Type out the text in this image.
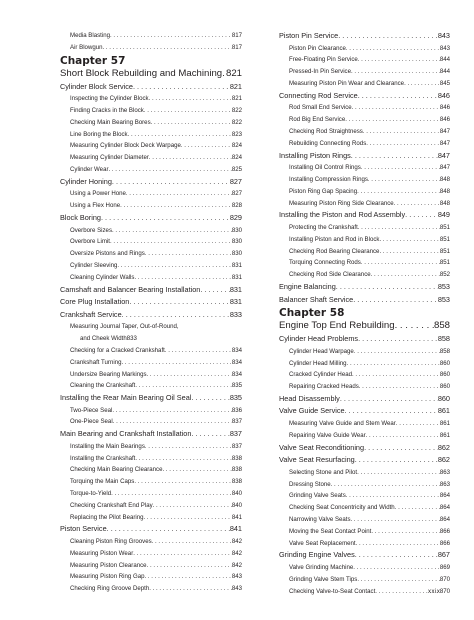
Media Blasting . . .	817
Air Blowgun . . .	817
Chapter 57
Short Block Rebuilding and Machining . . . 821
Cylinder Block Service . . .	821
Inspecting the Cylinder Block . . .	821
Finding Cracks in the Block . . .	822
Checking Main Bearing Bores . . .	822
Line Boring the Block . . .	823
Measuring Cylinder Block Deck Warpage . . .	824
Measuring Cylinder Diameter . . .	824
Cylinder Wear . . .	825
Cylinder Honing . . .	827
Using a Power Hone . . .	827
Using a Flex Hone . . .	828
Block Boring . . .	829
Overbore Sizes . . .	830
Overbore Limit . . .	830
Oversize Pistons and Rings . . .	830
Cylinder Sleeving . . .	831
Cleaning Cylinder Walls . . .	831
Camshaft and Balancer Bearing Installation . . .	831
Core Plug Installation . . .	831
Crankshaft Service . . .	833
Measuring Journal Taper, Out-of-Round,
and Cheek Width 833
Checking for a Cracked Crankshaft . . .	834
Crankshaft Turning . . .	834
Undersize Bearing Markings . . .	834
Cleaning the Crankshaft . . .	835
Installing the Rear Main Bearing Oil Seal . . .	835
Two-Piece Seal . . .	836
One-Piece Seal . . .	837
Main Bearing and Crankshaft Installation . . .	837
Installing the Main Bearings . . .	837
Installing the Crankshaft . . .	838
Checking Main Bearing Clearance . . .	838
Torquing the Main Caps . . .	838
Torque-to-Yield . . .	840
Checking Crankshaft End Play . . .	840
Replacing the Pilot Bearing . . .	841
Piston Service . . .	841
Cleaning Piston Ring Grooves . . .	842
Measuring Piston Wear . . .	842
Measuring Piston Clearance . . .	842
Measuring Piston Ring Gap . . .	843
Checking Ring Groove Depth . . .	843
Piston Pin Service . . .	843
Piston Pin Clearance . . .	843
Free-Floating Pin Service . . .	844
Pressed-In Pin Service . . .	844
Measuring Piston Pin Wear and Clearance . . .	845
Connecting Rod Service . . .	846
Rod Small End Service . . .	846
Rod Big End Service . . .	846
Checking Rod Straightness . . .	847
Rebuilding Connecting Rods . . .	847
Installing Piston Rings . . .	847
Installing Oil Control Rings . . .	847
Installing Compression Rings . . .	848
Piston Ring Gap Spacing . . .	848
Measuring Piston Ring Side Clearance . . .	848
Installing the Piston and Rod Assembly . . .	849
Protecting the Crankshaft . . .	851
Installing Piston and Rod in Block . . .	851
Checking Rod Bearing Clearance . . .	851
Torquing Connecting Rods . . .	851
Checking Rod Side Clearance . . .	852
Engine Balancing . . .	853
Balancer Shaft Service . . .	853
Chapter 58
Engine Top End Rebuilding . . .	858
Cylinder Head Problems . . .	858
Cylinder Head Warpage . . .	858
Cylinder Head Milling . . .	860
Cracked Cylinder Head . . .	860
Repairing Cracked Heads . . .	860
Head Disassembly . . .	860
Valve Guide Service . . .	861
Measuring Valve Guide and Stem Wear . . .	861
Repairing Valve Guide Wear . . .	861
Valve Seat Reconditioning . . .	862
Valve Seat Resurfacing . . .	862
Selecting Stone and Pilot . . .	863
Dressing Stone . . .	863
Grinding Valve Seats . . .	864
Checking Seat Concentricity and Width . . .	864
Narrowing Valve Seats . . .	864
Moving the Seat Contact Point . . .	866
Valve Seat Replacement . . .	866
Grinding Engine Valves . . .	867
Valve Grinding Machine . . .	869
Grinding Valve Stem Tips . . .	870
Checking Valve-to-Seat Contact . . .	870
xxix
